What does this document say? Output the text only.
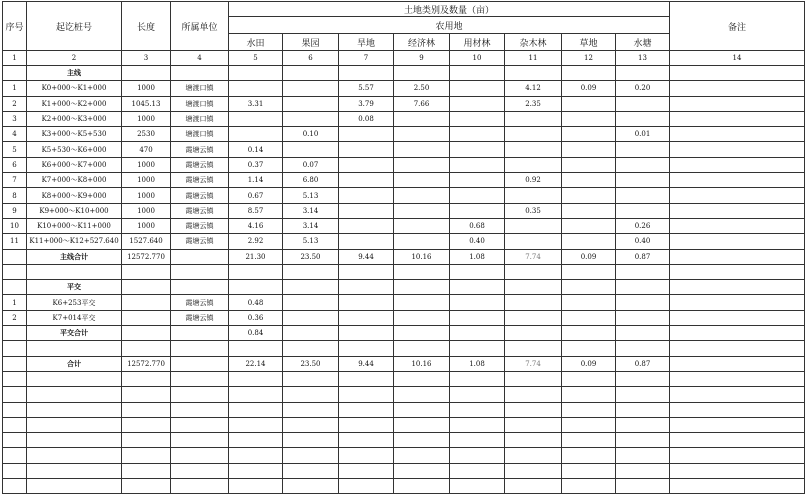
序号	起讫桩号	长度	所属单位	土地类别及数量（亩）								备注
				农用地								
				水田	果园	旱地	经济林	用材林	杂木林	草地	水塘	
1	2	3	4	5	6	7	9	10	11	12	13	14
	主线											
1	K0+000～K1+000	1000	塘渡口镇			5.57	2.50		4.12	0.09	0.20	
2	K1+000～K2+000	1045.13	塘渡口镇	3.31		3.79	7.66		2.35			
3	K2+000～K3+000	1000	塘渡口镇			0.08						
4	K3+000～K5+530	2530	塘渡口镇		0.10						0.01	
5	K5+530～K6+000	470	霞塘云镇	0.14								
6	K6+000～K7+000	1000	霞塘云镇	0.37	0.07							
7	K7+000～K8+000	1000	霞塘云镇	1.14	6.80				0.92			
8	K8+000～K9+000	1000	霞塘云镇	0.67	5.13							
9	K9+000～K10+000	1000	霞塘云镇	8.57	3.14				0.35			
10	K10+000～K11+000	1000	霞塘云镇	4.16	3.14			0.68			0.26	
11	K11+000～K12+527.640	1527.640	霞塘云镇	2.92	5.13			0.40			0.40	
	主线合计	12572.770		21.30	23.50	9.44	10.16	1.08	7.74	0.09	0.87	

	平交											
1	K6+253平交		霞塘云镇	0.48								
2	K7+014平交		霞塘云镇	0.36								
	平交合计			0.84								

	合计	12572.770		22.14	23.50	9.44	10.16	1.08	7.74	0.09	0.87	
